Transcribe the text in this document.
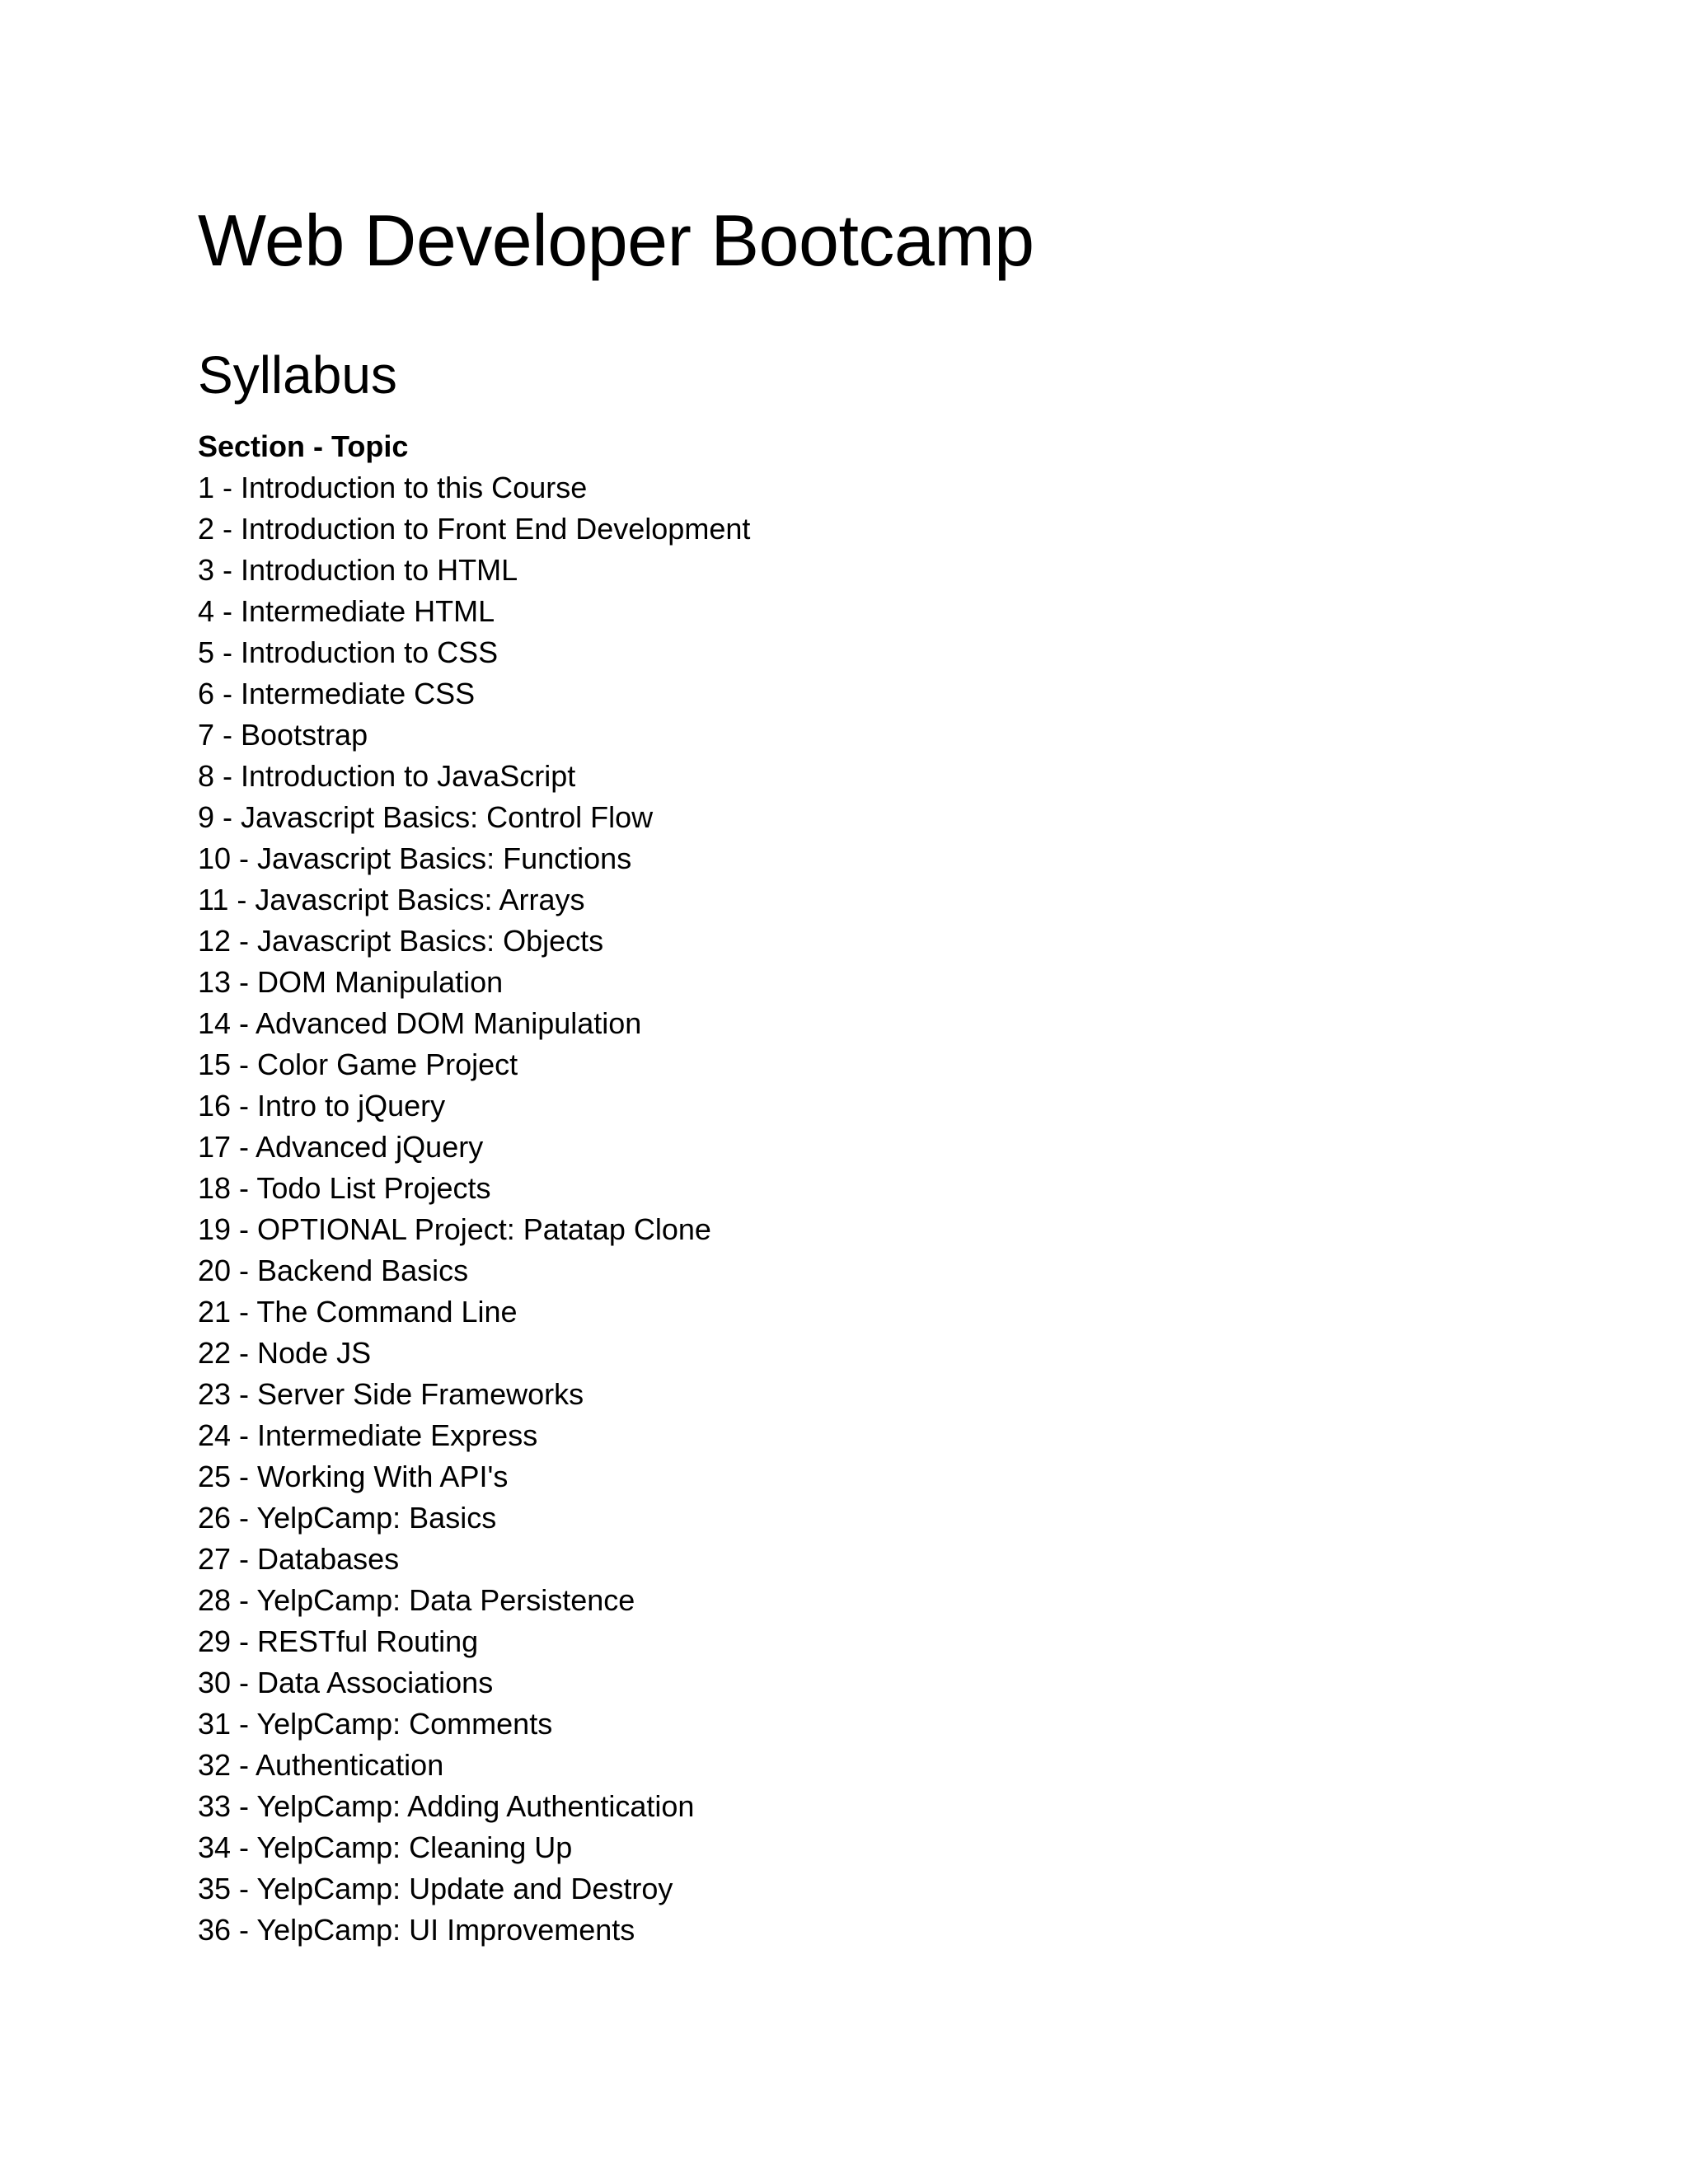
Web Developer Bootcamp
Syllabus
Section - Topic
1 - Introduction to this Course
2 - Introduction to Front End Development
3 - Introduction to HTML
4 - Intermediate HTML
5 - Introduction to CSS
6 - Intermediate CSS
7 - Bootstrap
8 - Introduction to JavaScript
9 - Javascript Basics: Control Flow
10 - Javascript Basics: Functions
11 - Javascript Basics: Arrays
12 - Javascript Basics: Objects
13 - DOM Manipulation
14 - Advanced DOM Manipulation
15 - Color Game Project
16 - Intro to jQuery
17 - Advanced jQuery
18 - Todo List Projects
19 - OPTIONAL Project: Patatap Clone
20 - Backend Basics
21 - The Command Line
22 - Node JS
23 - Server Side Frameworks
24 - Intermediate Express
25 - Working With API's
26 - YelpCamp: Basics
27 - Databases
28 - YelpCamp: Data Persistence
29 - RESTful Routing
30 - Data Associations
31 - YelpCamp: Comments
32 - Authentication
33 - YelpCamp: Adding Authentication
34 - YelpCamp: Cleaning Up
35 - YelpCamp: Update and Destroy
36 - YelpCamp: UI Improvements
